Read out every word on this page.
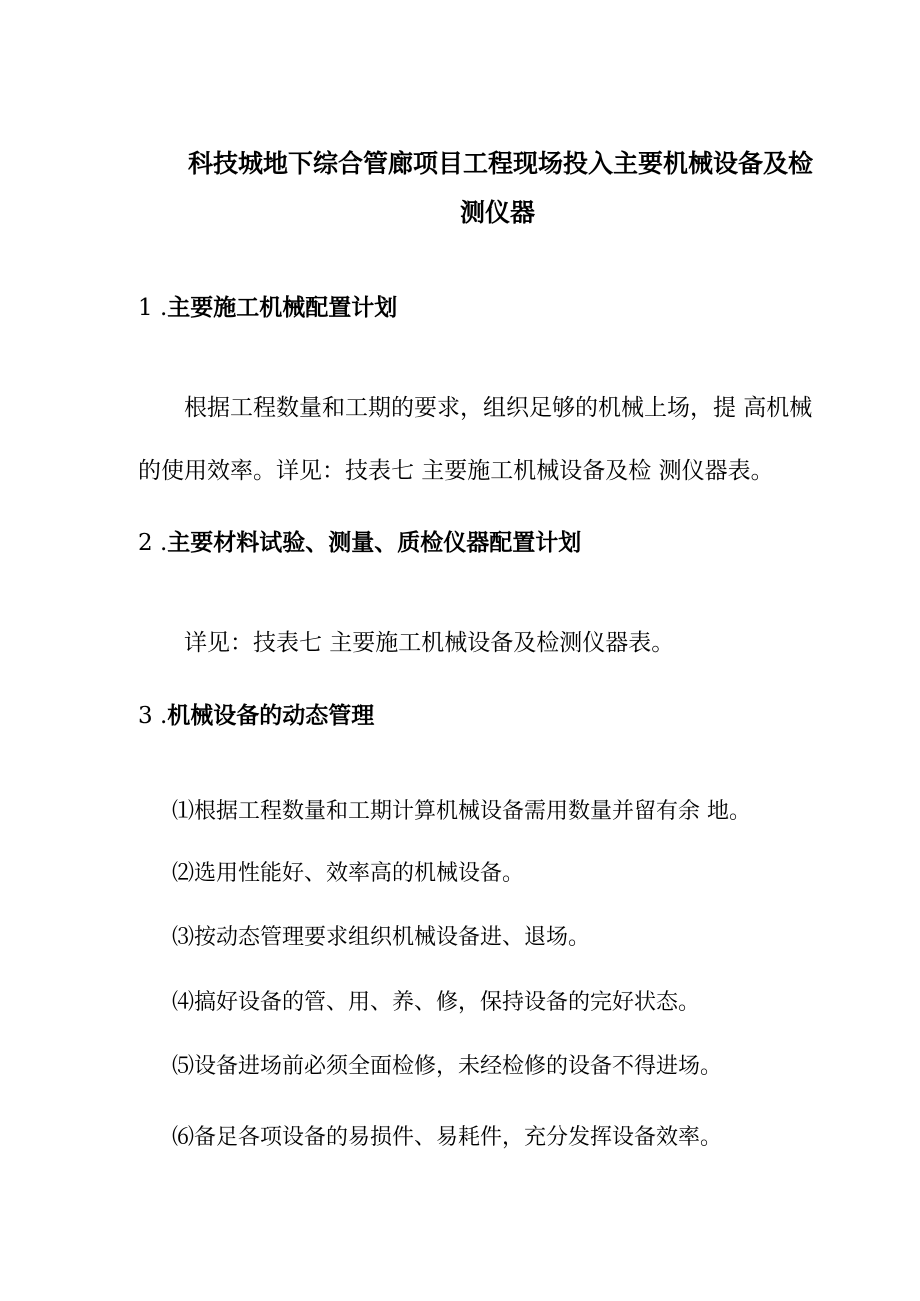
科技城地下综合管廊项目工程现场投入主要机械设备及检
测仪器
1 .主要施工机械配置计划
根据工程数量和工期的要求，组织足够的机械上场，提 高机械
的使用效率。详见：技表七 主要施工机械设备及检 测仪器表。
2 .主要材料试验、测量、质检仪器配置计划
详见：技表七 主要施工机械设备及检测仪器表。
3 .机械设备的动态管理
⑴根据工程数量和工期计算机械设备需用数量并留有余 地。
⑵选用性能好、效率高的机械设备。
⑶按动态管理要求组织机械设备进、退场。
⑷搞好设备的管、用、养、修，保持设备的完好状态。
⑸设备进场前必须全面检修，未经检修的设备不得进场。
⑹备足各项设备的易损件、易耗件，充分发挥设备效率。
